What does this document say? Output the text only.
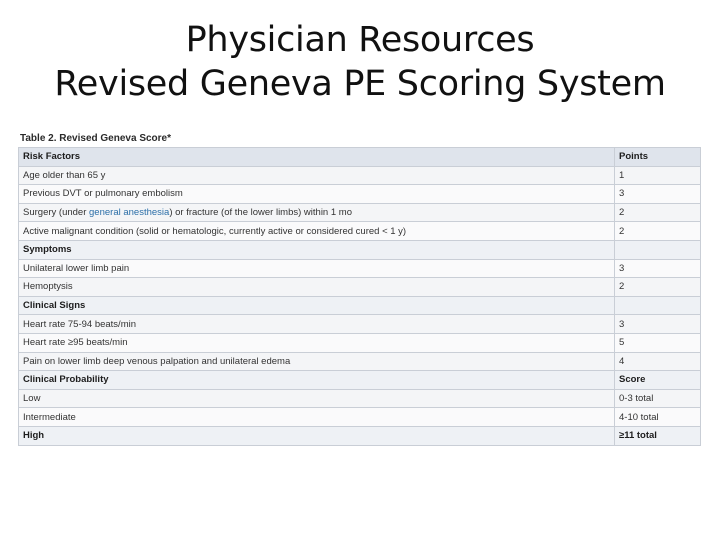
Physician Resources
Revised Geneva PE Scoring System
Table 2. Revised Geneva Score*
Risk Factors	Points
Age older than 65 y	1
Previous DVT or pulmonary embolism	3
Surgery (under general anesthesia) or fracture (of the lower limbs) within 1 mo	2
Active malignant condition (solid or hematologic, currently active or considered cured < 1 y)	2
Symptoms	
Unilateral lower limb pain	3
Hemoptysis	2
Clinical Signs	
Heart rate 75-94 beats/min	3
Heart rate ≥95 beats/min	5
Pain on lower limb deep venous palpation and unilateral edema	4
Clinical Probability	Score
Low	0-3 total
Intermediate	4-10 total
High	≥11 total
